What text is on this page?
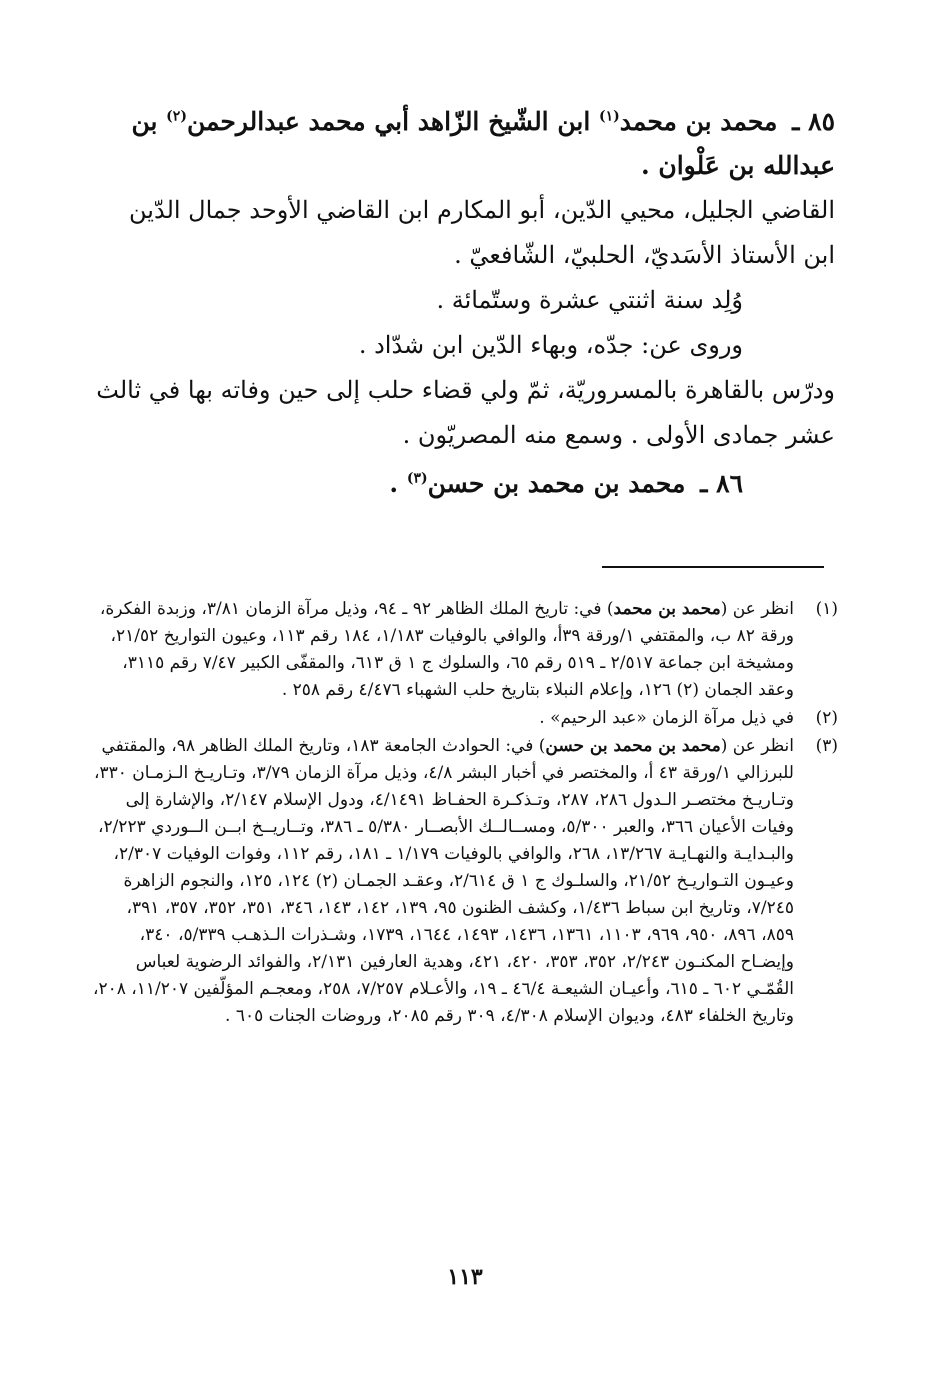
٨٥ ـ محمد بن محمد$^{(١)}$ ابن الشّيخ الزّاهد أبي محمد عبدالرحمن$^{(٢)}$ بن عبدالله بن عَلْوان .

القاضي الجليل، محيي الدّين، أبو المكارم ابن القاضي الأوحد جمال الدّين ابن الأستاذ الأسَديّ، الحلبيّ، الشّافعيّ .

وُلِد سنة اثنتي عشرة وستّمائة .

وروى عن: جدّه، وبهاء الدّين ابن شدّاد .

ودرّس بالقاهرة بالمسروريّة، ثمّ ولي قضاء حلب إلى حين وفاته بها في ثالث عشر جمادى الأولى . وسمع منه المصريّون .

٨٦ ـ محمد بن محمد بن حسن$^{(٣)}$ .

(١)
انظر عن (محمد بن محمد) في: تاريخ الملك الظاهر ٩٢ ـ ٩٤، وذيل مرآة الزمان ٣/٨١، وزبدة الفكرة، ورقة ٨٢ ب، والمقتفي ١/ورقة ٣٩أ، والوافي بالوفيات ١/١٨٣، ١٨٤ رقم ١١٣، وعيون التواريخ ٢١/٥٢، ومشيخة ابن جماعة ٢/٥١٧ ـ ٥١٩ رقم ٦٥، والسلوك ج ١ ق ٦١٣، والمقفّى الكبير ٧/٤٧ رقم ٣١١٥، وعقد الجمان (٢) ١٢٦، وإعلام النبلاء بتاريخ حلب الشهباء ٤/٤٧٦ رقم ٢٥٨ .

(٢)
في ذيل مرآة الزمان «عبد الرحيم» .

(٣)
انظر عن (محمد بن محمد بن حسن) في: الحوادث الجامعة ١٨٣، وتاريخ الملك الظاهر ٩٨، والمقتفي للبرزالي ١/ورقة ٤٣ أ، والمختصر في أخبار البشر ٤/٨، وذيل مرآة الزمان ٣/٧٩، وتـاريـخ الـزمـان ٣٣٠، وتـاريـخ مختصـر الـدول ٢٨٦، ٢٨٧، وتـذكـرة الحفـاظ ٤/١٤٩١، ودول الإسلام ٢/١٤٧، والإشارة إلى وفيات الأعيان ٣٦٦، والعبر ٥/٣٠٠، ومســالــك الأبصــار ٥/٣٨٠ ـ ٣٨٦، وتــاريــخ ابــن الــوردي ٢/٢٢٣، والبـدايـة والنهـايـة ١٣/٢٦٧، ٢٦٨، والوافي بالوفيات ١/١٧٩ ـ ١٨١، رقم ١١٢، وفوات الوفيات ٢/٣٠٧، وعيـون التـواريـخ ٢١/٥٢، والسلـوك ج ١ ق ٢/٦١٤، وعقـد الجمـان (٢) ١٢٤، ١٢٥، والنجوم الزاهرة ٧/٢٤٥، وتاريخ ابن سباط ١/٤٣٦، وكشف الظنون ٩٥، ١٣٩، ١٤٢، ١٤٣، ٣٤٦، ٣٥١، ٣٥٢، ٣٥٧، ٣٩١، ٨٥٩، ٨٩٦، ٩٥٠، ٩٦٩، ١١٠٣، ١٣٦١، ١٤٣٦، ١٤٩٣، ١٦٤٤، ١٧٣٩، وشـذرات الـذهـب ٥/٣٣٩، ٣٤٠، وإيضـاح المكنـون ٢/٢٤٣، ٣٥٢، ٣٥٣، ٤٢٠، ٤٢١، وهدية العارفين ٢/١٣١، والفوائد الرضوية لعباس القُمّـي ٦٠٢ ـ ٦١٥، وأعيـان الشيعـة ٤٦/٤ ـ ١٩، والأعـلام ٧/٢٥٧، ٢٥٨، ومعجـم المؤلّفين ١١/٢٠٧، ٢٠٨، وتاريخ الخلفاء ٤٨٣، وديوان الإسلام ٤/٣٠٨، ٣٠٩ رقم ٢٠٨٥، وروضات الجنات ٦٠٥ .

١١٣
